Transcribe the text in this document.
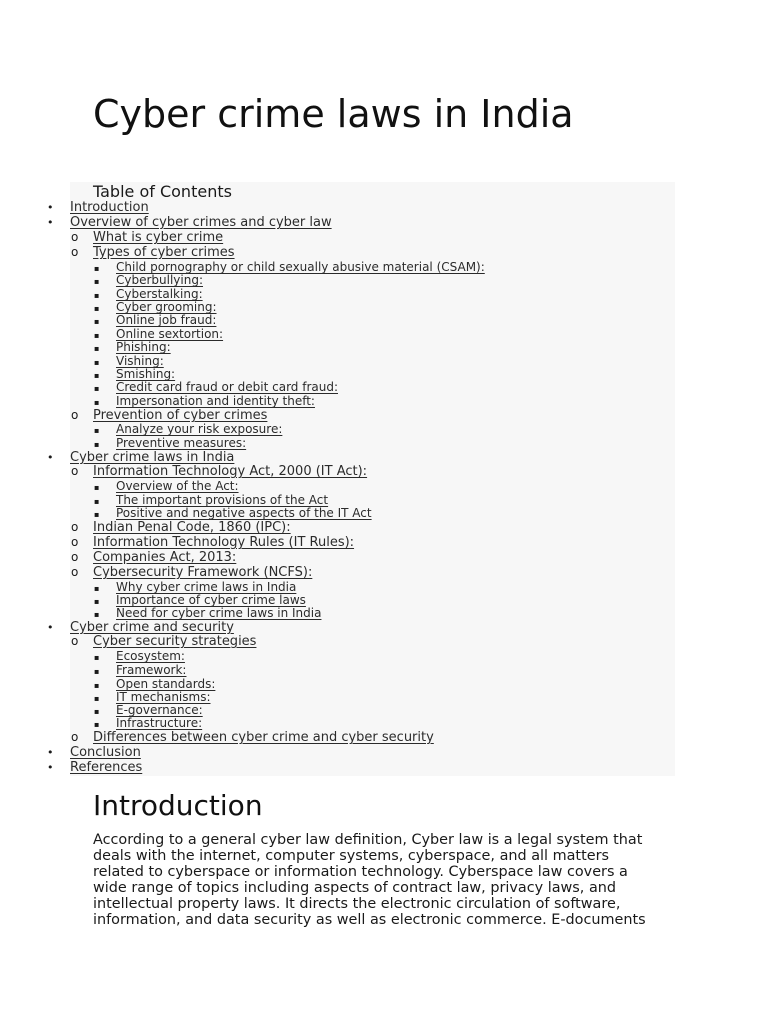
Cyber crime laws in India
Table of Contents
• Introduction
• Overview of cyber crimes and cyber law
o What is cyber crime
o Types of cyber crimes
▪ Child pornography or child sexually abusive material (CSAM):
▪ Cyberbullying:
▪ Cyberstalking:
▪ Cyber grooming:
▪ Online job fraud:
▪ Online sextortion:
▪ Phishing:
▪ Vishing:
▪ Smishing:
▪ Credit card fraud or debit card fraud:
▪ Impersonation and identity theft:
o Prevention of cyber crimes
▪ Analyze your risk exposure:
▪ Preventive measures:
• Cyber crime laws in India
o Information Technology Act, 2000 (IT Act):
▪ Overview of the Act:
▪ The important provisions of the Act
▪ Positive and negative aspects of the IT Act
o Indian Penal Code, 1860 (IPC):
o Information Technology Rules (IT Rules):
o Companies Act, 2013:
o Cybersecurity Framework (NCFS):
▪ Why cyber crime laws in India
▪ Importance of cyber crime laws
▪ Need for cyber crime laws in India
• Cyber crime and security
o Cyber security strategies
▪ Ecosystem:
▪ Framework:
▪ Open standards:
▪ IT mechanisms:
▪ E-governance:
▪ Infrastructure:
o Differences between cyber crime and cyber security
• Conclusion
• References
Introduction

According to a general cyber law definition, Cyber law is a legal system that
deals with the internet, computer systems, cyberspace, and all matters
related to cyberspace or information technology. Cyberspace law covers a
wide range of topics including aspects of contract law, privacy laws, and
intellectual property laws. It directs the electronic circulation of software,
information, and data security as well as electronic commerce. E-documents
